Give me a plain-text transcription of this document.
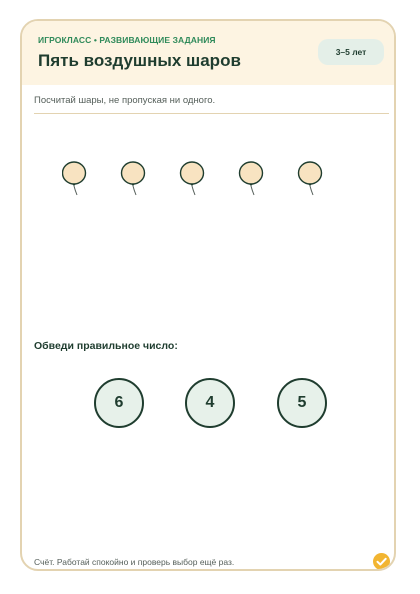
ИГРОКЛАСС • РАЗВИВАЮЩИЕ ЗАДАНИЯ
Пять воздушных шаров	3–5 лет
Посчитай шары, не пропуская ни одного.
Обведи правильное число:
6	4	5
Счёт. Работай спокойно и проверь выбор ещё раз.
